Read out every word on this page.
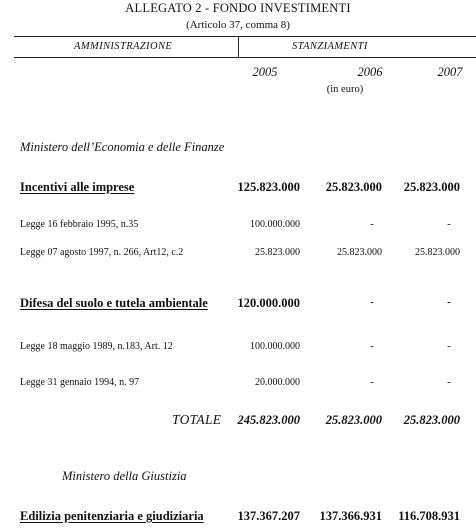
ALLEGATO 2 - FONDO INVESTIMENTI
(Articolo 37, comma 8)
AMMINISTRAZIONE	STANZIAMENTI
2005	2006	2007
(in euro)
Ministero dell’Economia e delle Finanze
Incentivi alle imprese	125.823.000	25.823.000	25.823.000
Legge 16 febbraio 1995, n.35	100.000.000	-	-
Legge 07 agosto 1997, n. 266, Art12, c.2	25.823.000	25.823.000	25.823.000
Difesa del suolo e tutela ambientale	120.000.000	-	-
Legge 18 maggio 1989, n.183, Art. 12	100.000.000	-	-
Legge 31 gennaio 1994, n. 97	20.000.000	-	-
TOTALE	245.823.000	25.823.000	25.823.000
Ministero della Giustizia
Edilizia penitenziaria e giudiziaria	137.367.207	137.366.931	116.708.931
